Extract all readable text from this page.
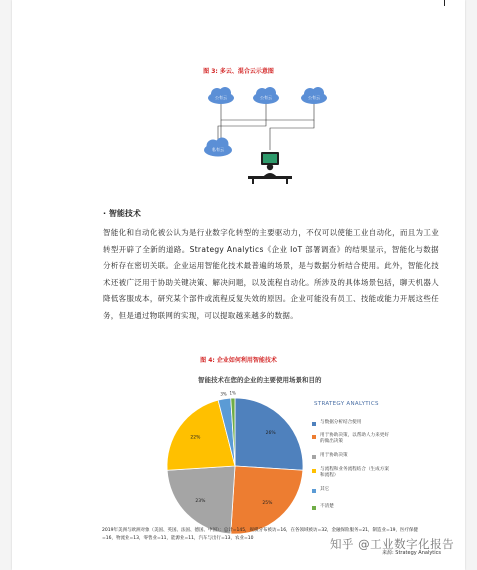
图 3: 多云、混合云示意图
公有云	公有云	公有云
私有云
· 智能技术

智能化和自动化被公认为是行业数字化转型的主要驱动力，不仅可以使能工业自动化，而且为工业转型开辟了全新的道路。Strategy Analytics《企业 IoT 部署调查》的结果显示，智能化与数据分析存在密切关联。企业运用智能化技术最普遍的场景，是与数据分析结合使用。此外，智能化技术还被广泛用于协助关键决策、解决问题，以及流程自动化。所涉及的具体场景包括，聊天机器人降低客服成本，研究某个部件或流程反复失效的原因。企业可能没有员工、技能或能力开展这些任务，但是通过物联网的实现，可以提取越来越多的数据。

图 4: 企业如何利用智能技术
智能技术在您的企业的主要使用场景和目的
26%
25%
23%
22%
3% 1%
STRATEGY ANALYTICS
与数据分析结合使用
用于协助决策，以帮助人力来更好的做出决策
用于协助决策
与流程和业务流程结合（生成方案和流程）
其它
不清楚

2019年美洲与欧洲对象（美国、英国、法国、德国、中国）：总计=145，规模分布被访=16，在各领域被访=32，金融保险服务=21，制造业=19，医疗保健=16，物流业=13，零售业=11，能源业=11，汽车与出行=13，农业=10

来源: Strategy Analytics
知乎 @工业数字化报告
